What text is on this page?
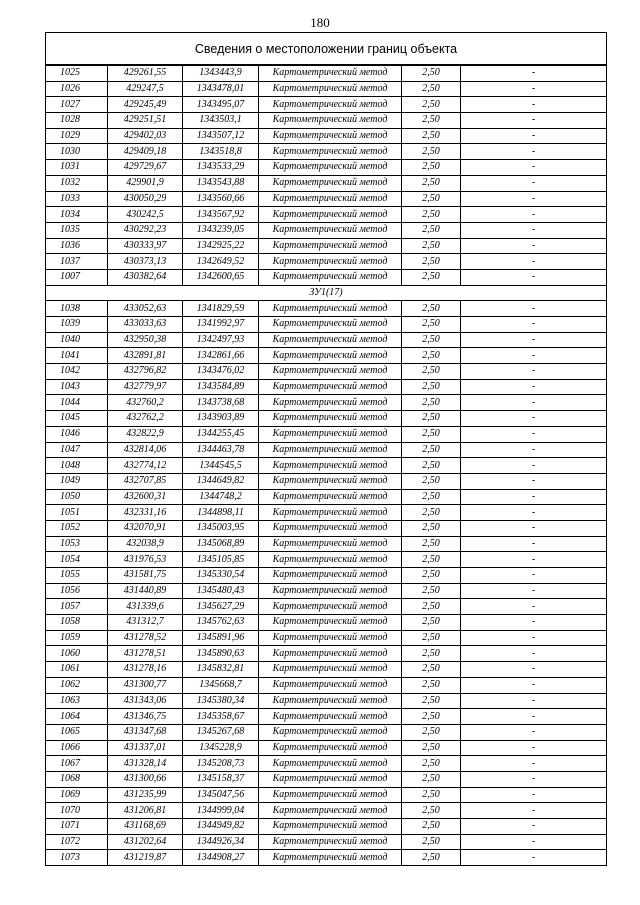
180
Сведения о местоположении границ объекта
1025	429261,55	1343443,9	Картометрический метод	2,50	-
1026	429247,5	1343478,01	Картометрический метод	2,50	-
1027	429245,49	1343495,07	Картометрический метод	2,50	-
1028	429251,51	1343503,1	Картометрический метод	2,50	-
1029	429402,03	1343507,12	Картометрический метод	2,50	-
1030	429409,18	1343518,8	Картометрический метод	2,50	-
1031	429729,67	1343533,29	Картометрический метод	2,50	-
1032	429901,9	1343543,88	Картометрический метод	2,50	-
1033	430050,29	1343560,66	Картометрический метод	2,50	-
1034	430242,5	1343567,92	Картометрический метод	2,50	-
1035	430292,23	1343239,05	Картометрический метод	2,50	-
1036	430333,97	1342925,22	Картометрический метод	2,50	-
1037	430373,13	1342649,52	Картометрический метод	2,50	-
1007	430382,64	1342600,65	Картометрический метод	2,50	-
ЗУ1(17)					
1038	433052,63	1341829,59	Картометрический метод	2,50	-
1039	433033,63	1341992,97	Картометрический метод	2,50	-
1040	432950,38	1342497,93	Картометрический метод	2,50	-
1041	432891,81	1342861,66	Картометрический метод	2,50	-
1042	432796,82	1343476,02	Картометрический метод	2,50	-
1043	432779,97	1343584,89	Картометрический метод	2,50	-
1044	432760,2	1343738,68	Картометрический метод	2,50	-
1045	432762,2	1343903,89	Картометрический метод	2,50	-
1046	432822,9	1344255,45	Картометрический метод	2,50	-
1047	432814,06	1344463,78	Картометрический метод	2,50	-
1048	432774,12	1344545,5	Картометрический метод	2,50	-
1049	432707,85	1344649,82	Картометрический метод	2,50	-
1050	432600,31	1344748,2	Картометрический метод	2,50	-
1051	432331,16	1344898,11	Картометрический метод	2,50	-
1052	432070,91	1345003,95	Картометрический метод	2,50	-
1053	432038,9	1345068,89	Картометрический метод	2,50	-
1054	431976,53	1345105,85	Картометрический метод	2,50	-
1055	431581,75	1345330,54	Картометрический метод	2,50	-
1056	431440,89	1345480,43	Картометрический метод	2,50	-
1057	431339,6	1345627,29	Картометрический метод	2,50	-
1058	431312,7	1345762,63	Картометрический метод	2,50	-
1059	431278,52	1345891,96	Картометрический метод	2,50	-
1060	431278,51	1345890,63	Картометрический метод	2,50	-
1061	431278,16	1345832,81	Картометрический метод	2,50	-
1062	431300,77	1345668,7	Картометрический метод	2,50	-
1063	431343,06	1345380,34	Картометрический метод	2,50	-
1064	431346,75	1345358,67	Картометрический метод	2,50	-
1065	431347,68	1345267,68	Картометрический метод	2,50	-
1066	431337,01	1345228,9	Картометрический метод	2,50	-
1067	431328,14	1345208,73	Картометрический метод	2,50	-
1068	431300,66	1345158,37	Картометрический метод	2,50	-
1069	431235,99	1345047,56	Картометрический метод	2,50	-
1070	431206,81	1344999,04	Картометрический метод	2,50	-
1071	431168,69	1344949,82	Картометрический метод	2,50	-
1072	431202,64	1344926,34	Картометрический метод	2,50	-
1073	431219,87	1344908,27	Картометрический метод	2,50	-
